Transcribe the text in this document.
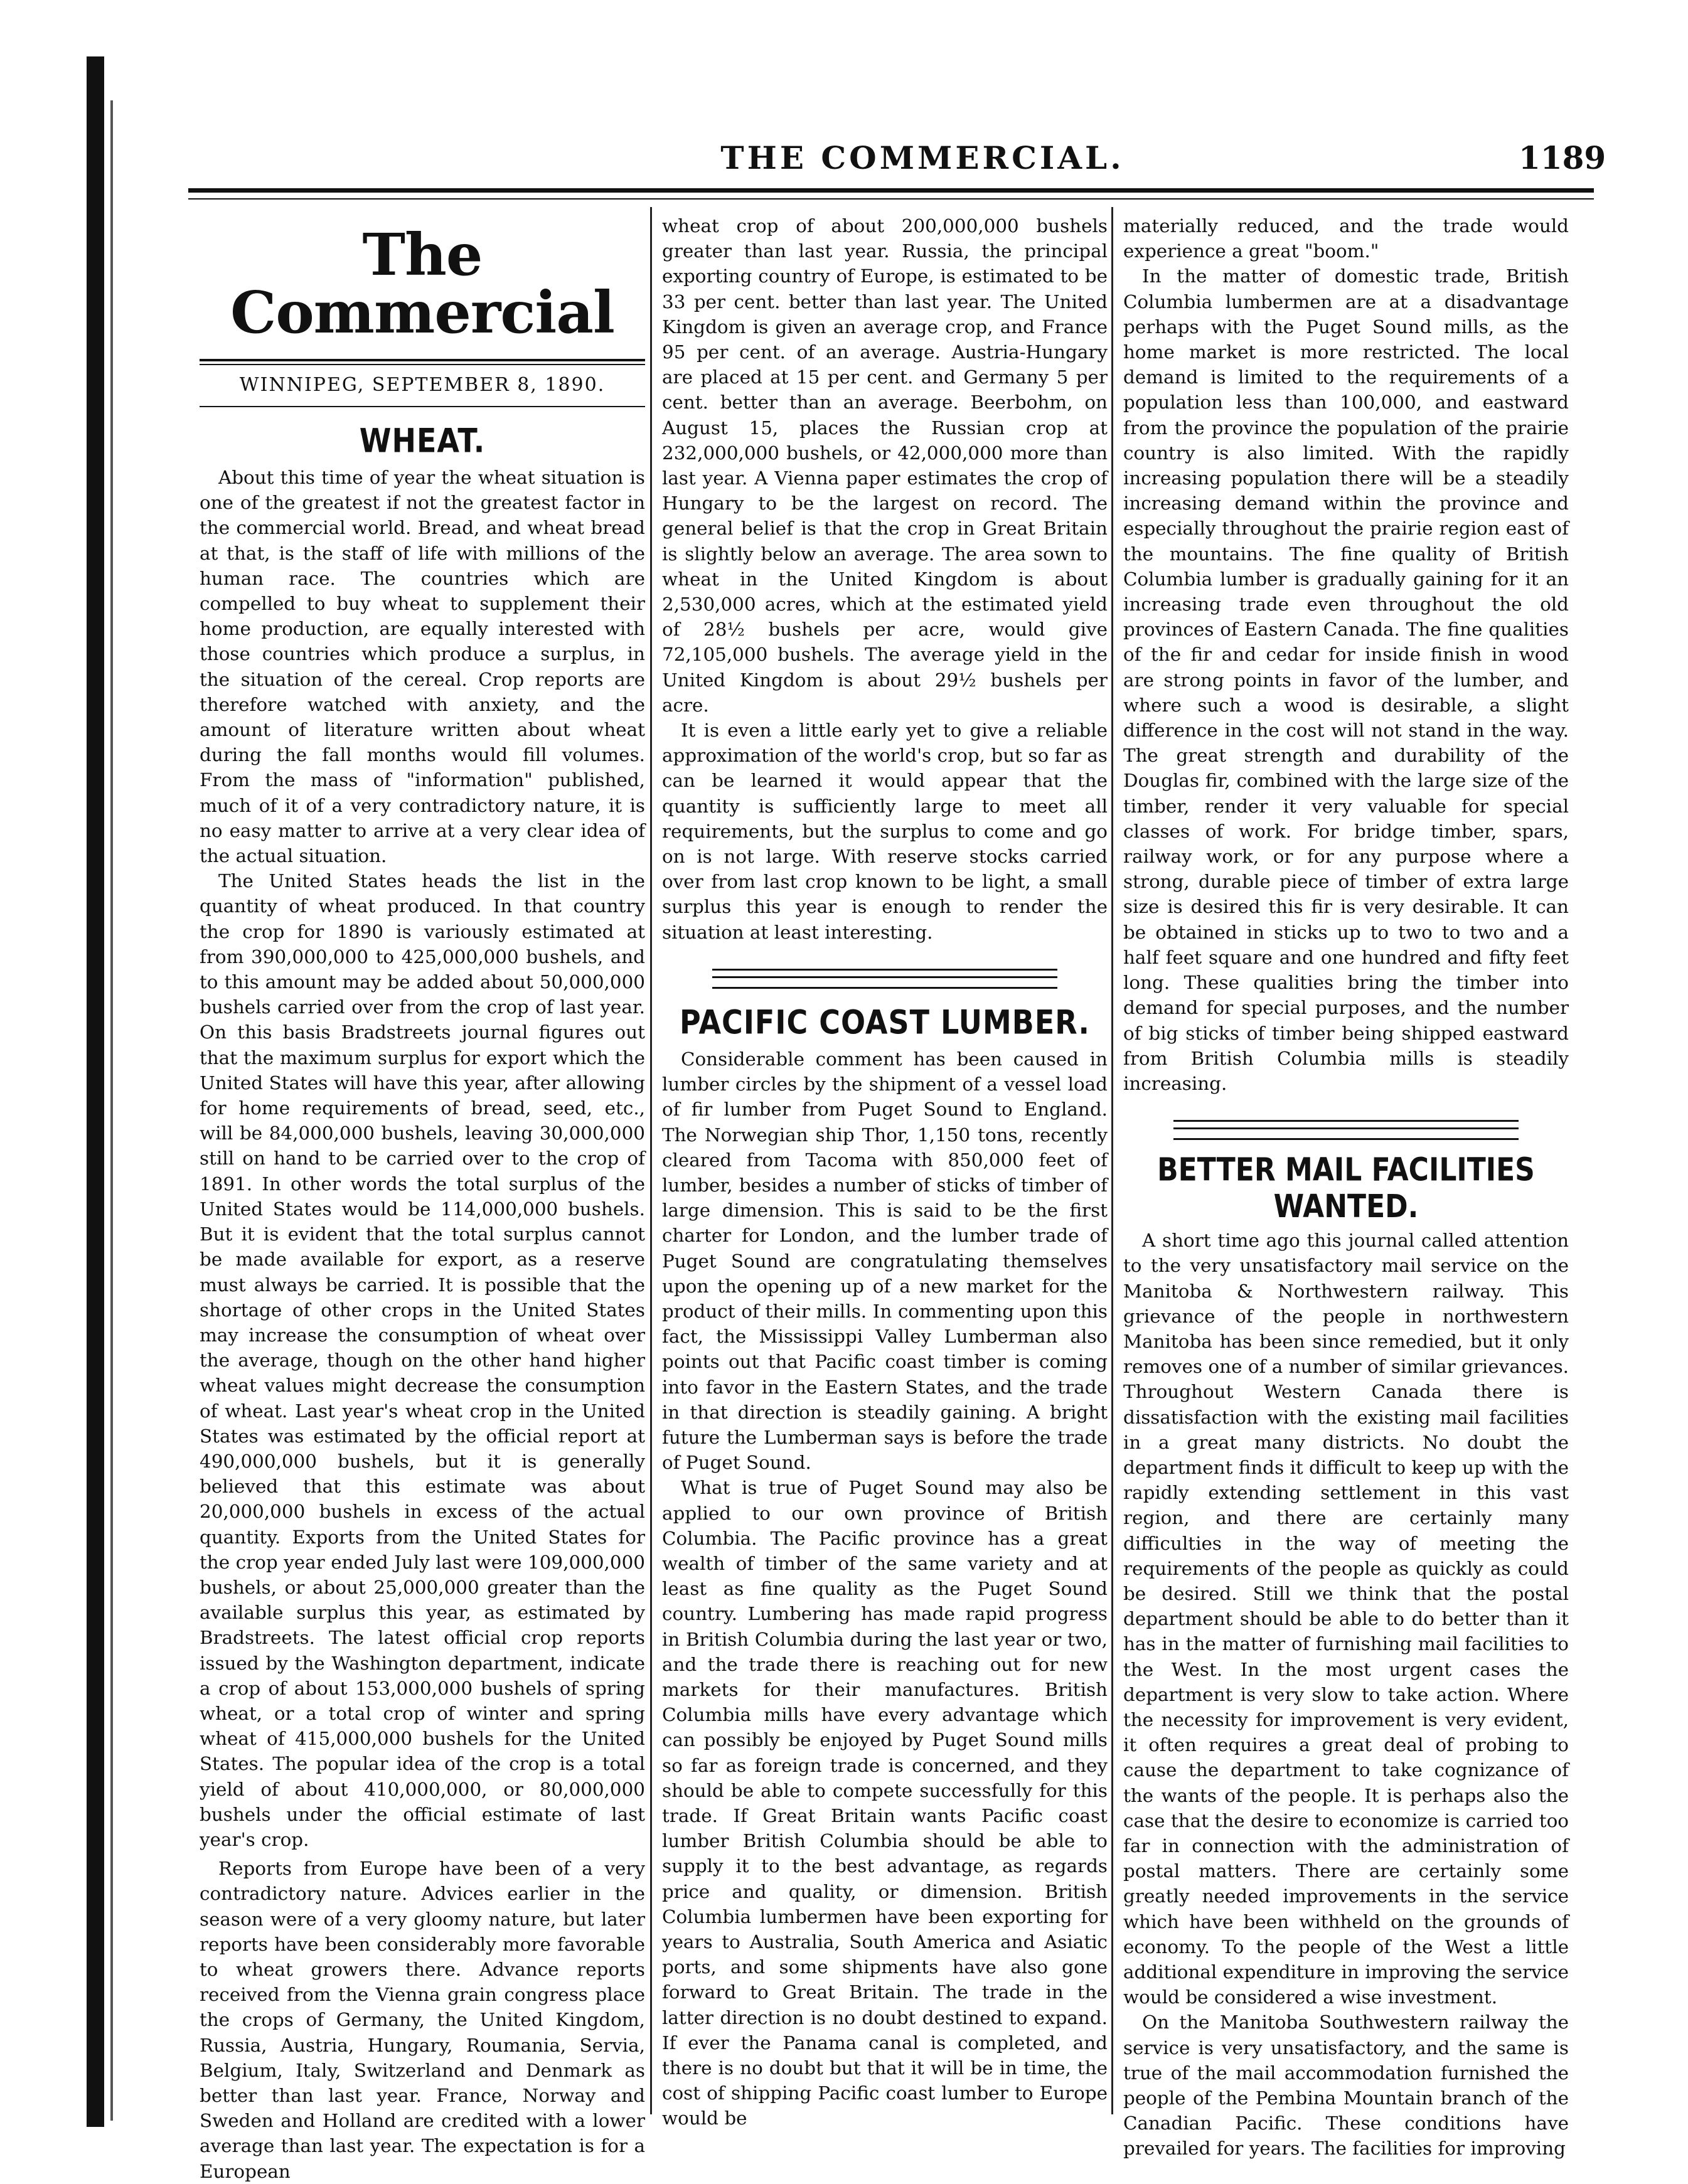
THE COMMERCIAL.	1189
The Commercial
WINNIPEG, SEPTEMBER 8, 1890.
WHEAT.

About this time of year the wheat situation is one of the greatest if not the greatest factor in the commercial world. Bread, and wheat bread at that, is the staff of life with millions of the human race. The countries which are compelled to buy wheat to supplement their home production, are equally interested with those countries which produce a surplus, in the situation of the cereal. Crop reports are therefore watched with anxiety, and the amount of literature written about wheat during the fall months would fill volumes. From the mass of "information" published, much of it of a very contradictory nature, it is no easy matter to arrive at a very clear idea of the actual situation.

The United States heads the list in the quantity of wheat produced. In that country the crop for 1890 is variously estimated at from 390,000,000 to 425,000,000 bushels, and to this amount may be added about 50,000,000 bushels carried over from the crop of last year. On this basis Bradstreets journal figures out that the maximum surplus for export which the United States will have this year, after allowing for home requirements of bread, seed, etc., will be 84,000,000 bushels, leaving 30,000,000 still on hand to be carried over to the crop of 1891. In other words the total surplus of the United States would be 114,000,000 bushels. But it is evident that the total surplus cannot be made available for export, as a reserve must always be carried. It is possible that the shortage of other crops in the United States may increase the consumption of wheat over the average, though on the other hand higher wheat values might decrease the consumption of wheat. Last year's wheat crop in the United States was estimated by the official report at 490,000,000 bushels, but it is generally believed that this estimate was about 20,000,000 bushels in excess of the actual quantity. Exports from the United States for the crop year ended July last were 109,000,000 bushels, or about 25,000,000 greater than the available surplus this year, as estimated by Bradstreets. The latest official crop reports issued by the Washington department, indicate a crop of about 153,000,000 bushels of spring wheat, or a total crop of winter and spring wheat of 415,000,000 bushels for the United States. The popular idea of the crop is a total yield of about 410,000,000, or 80,000,000 bushels under the official estimate of last year's crop.

Reports from Europe have been of a very contradictory nature. Advices earlier in the season were of a very gloomy nature, but later reports have been considerably more favorable to wheat growers there. Advance reports received from the Vienna grain congress place the crops of Germany, the United Kingdom, Russia, Austria, Hungary, Roumania, Servia, Belgium, Italy, Switzerland and Denmark as better than last year. France, Norway and Sweden and Holland are credited with a lower average than last year. The expectation is for a European

wheat crop of about 200,000,000 bushels greater than last year. Russia, the principal exporting country of Europe, is estimated to be 33 per cent. better than last year. The United Kingdom is given an average crop, and France 95 per cent. of an average. Austria-Hungary are placed at 15 per cent. and Germany 5 per cent. better than an average. Beerbohm, on August 15, places the Russian crop at 232,000,000 bushels, or 42,000,000 more than last year. A Vienna paper estimates the crop of Hungary to be the largest on record. The general belief is that the crop in Great Britain is slightly below an average. The area sown to wheat in the United Kingdom is about 2,530,000 acres, which at the estimated yield of 28½ bushels per acre, would give 72,105,000 bushels. The average yield in the United Kingdom is about 29½ bushels per acre.

It is even a little early yet to give a reliable approximation of the world's crop, but so far as can be learned it would appear that the quantity is sufficiently large to meet all requirements, but the surplus to come and go on is not large. With reserve stocks carried over from last crop known to be light, a small surplus this year is enough to render the situation at least interesting.

PACIFIC COAST LUMBER.

Considerable comment has been caused in lumber circles by the shipment of a vessel load of fir lumber from Puget Sound to England. The Norwegian ship Thor, 1,150 tons, recently cleared from Tacoma with 850,000 feet of lumber, besides a number of sticks of timber of large dimension. This is said to be the first charter for London, and the lumber trade of Puget Sound are congratulating themselves upon the opening up of a new market for the product of their mills. In commenting upon this fact, the Mississippi Valley Lumberman also points out that Pacific coast timber is coming into favor in the Eastern States, and the trade in that direction is steadily gaining. A bright future the Lumberman says is before the trade of Puget Sound.

What is true of Puget Sound may also be applied to our own province of British Columbia. The Pacific province has a great wealth of timber of the same variety and at least as fine quality as the Puget Sound country. Lumbering has made rapid progress in British Columbia during the last year or two, and the trade there is reaching out for new markets for their manufactures. British Columbia mills have every advantage which can possibly be enjoyed by Puget Sound mills so far as foreign trade is concerned, and they should be able to compete successfully for this trade. If Great Britain wants Pacific coast lumber British Columbia should be able to supply it to the best advantage, as regards price and quality, or dimension. British Columbia lumbermen have been exporting for years to Australia, South America and Asiatic ports, and some shipments have also gone forward to Great Britain. The trade in the latter direction is no doubt destined to expand. If ever the Panama canal is completed, and there is no doubt but that it will be in time, the cost of shipping Pacific coast lumber to Europe would be

materially reduced, and the trade would experience a great "boom."

In the matter of domestic trade, British Columbia lumbermen are at a disadvantage perhaps with the Puget Sound mills, as the home market is more restricted. The local demand is limited to the requirements of a population less than 100,000, and eastward from the province the population of the prairie country is also limited. With the rapidly increasing population there will be a steadily increasing demand within the province and especially throughout the prairie region east of the mountains. The fine quality of British Columbia lumber is gradually gaining for it an increasing trade even throughout the old provinces of Eastern Canada. The fine qualities of the fir and cedar for inside finish in wood are strong points in favor of the lumber, and where such a wood is desirable, a slight difference in the cost will not stand in the way. The great strength and durability of the Douglas fir, combined with the large size of the timber, render it very valuable for special classes of work. For bridge timber, spars, railway work, or for any purpose where a strong, durable piece of timber of extra large size is desired this fir is very desirable. It can be obtained in sticks up to two to two and a half feet square and one hundred and fifty feet long. These qualities bring the timber into demand for special purposes, and the number of big sticks of timber being shipped eastward from British Columbia mills is steadily increasing.

BETTER MAIL FACILITIES WANTED.

A short time ago this journal called attention to the very unsatisfactory mail service on the Manitoba & Northwestern railway. This grievance of the people in northwestern Manitoba has been since remedied, but it only removes one of a number of similar grievances. Throughout Western Canada there is dissatisfaction with the existing mail facilities in a great many districts. No doubt the department finds it difficult to keep up with the rapidly extending settlement in this vast region, and there are certainly many difficulties in the way of meeting the requirements of the people as quickly as could be desired. Still we think that the postal department should be able to do better than it has in the matter of furnishing mail facilities to the West. In the most urgent cases the department is very slow to take action. Where the necessity for improvement is very evident, it often requires a great deal of probing to cause the department to take cognizance of the wants of the people. It is perhaps also the case that the desire to economize is carried too far in connection with the administration of postal matters. There are certainly some greatly needed improvements in the service which have been withheld on the grounds of economy. To the people of the West a little additional expenditure in improving the service would be considered a wise investment.

On the Manitoba Southwestern railway the service is very unsatisfactory, and the same is true of the mail accommodation furnished the people of the Pembina Mountain branch of the Canadian Pacific. These conditions have prevailed for years. The facilities for improving
